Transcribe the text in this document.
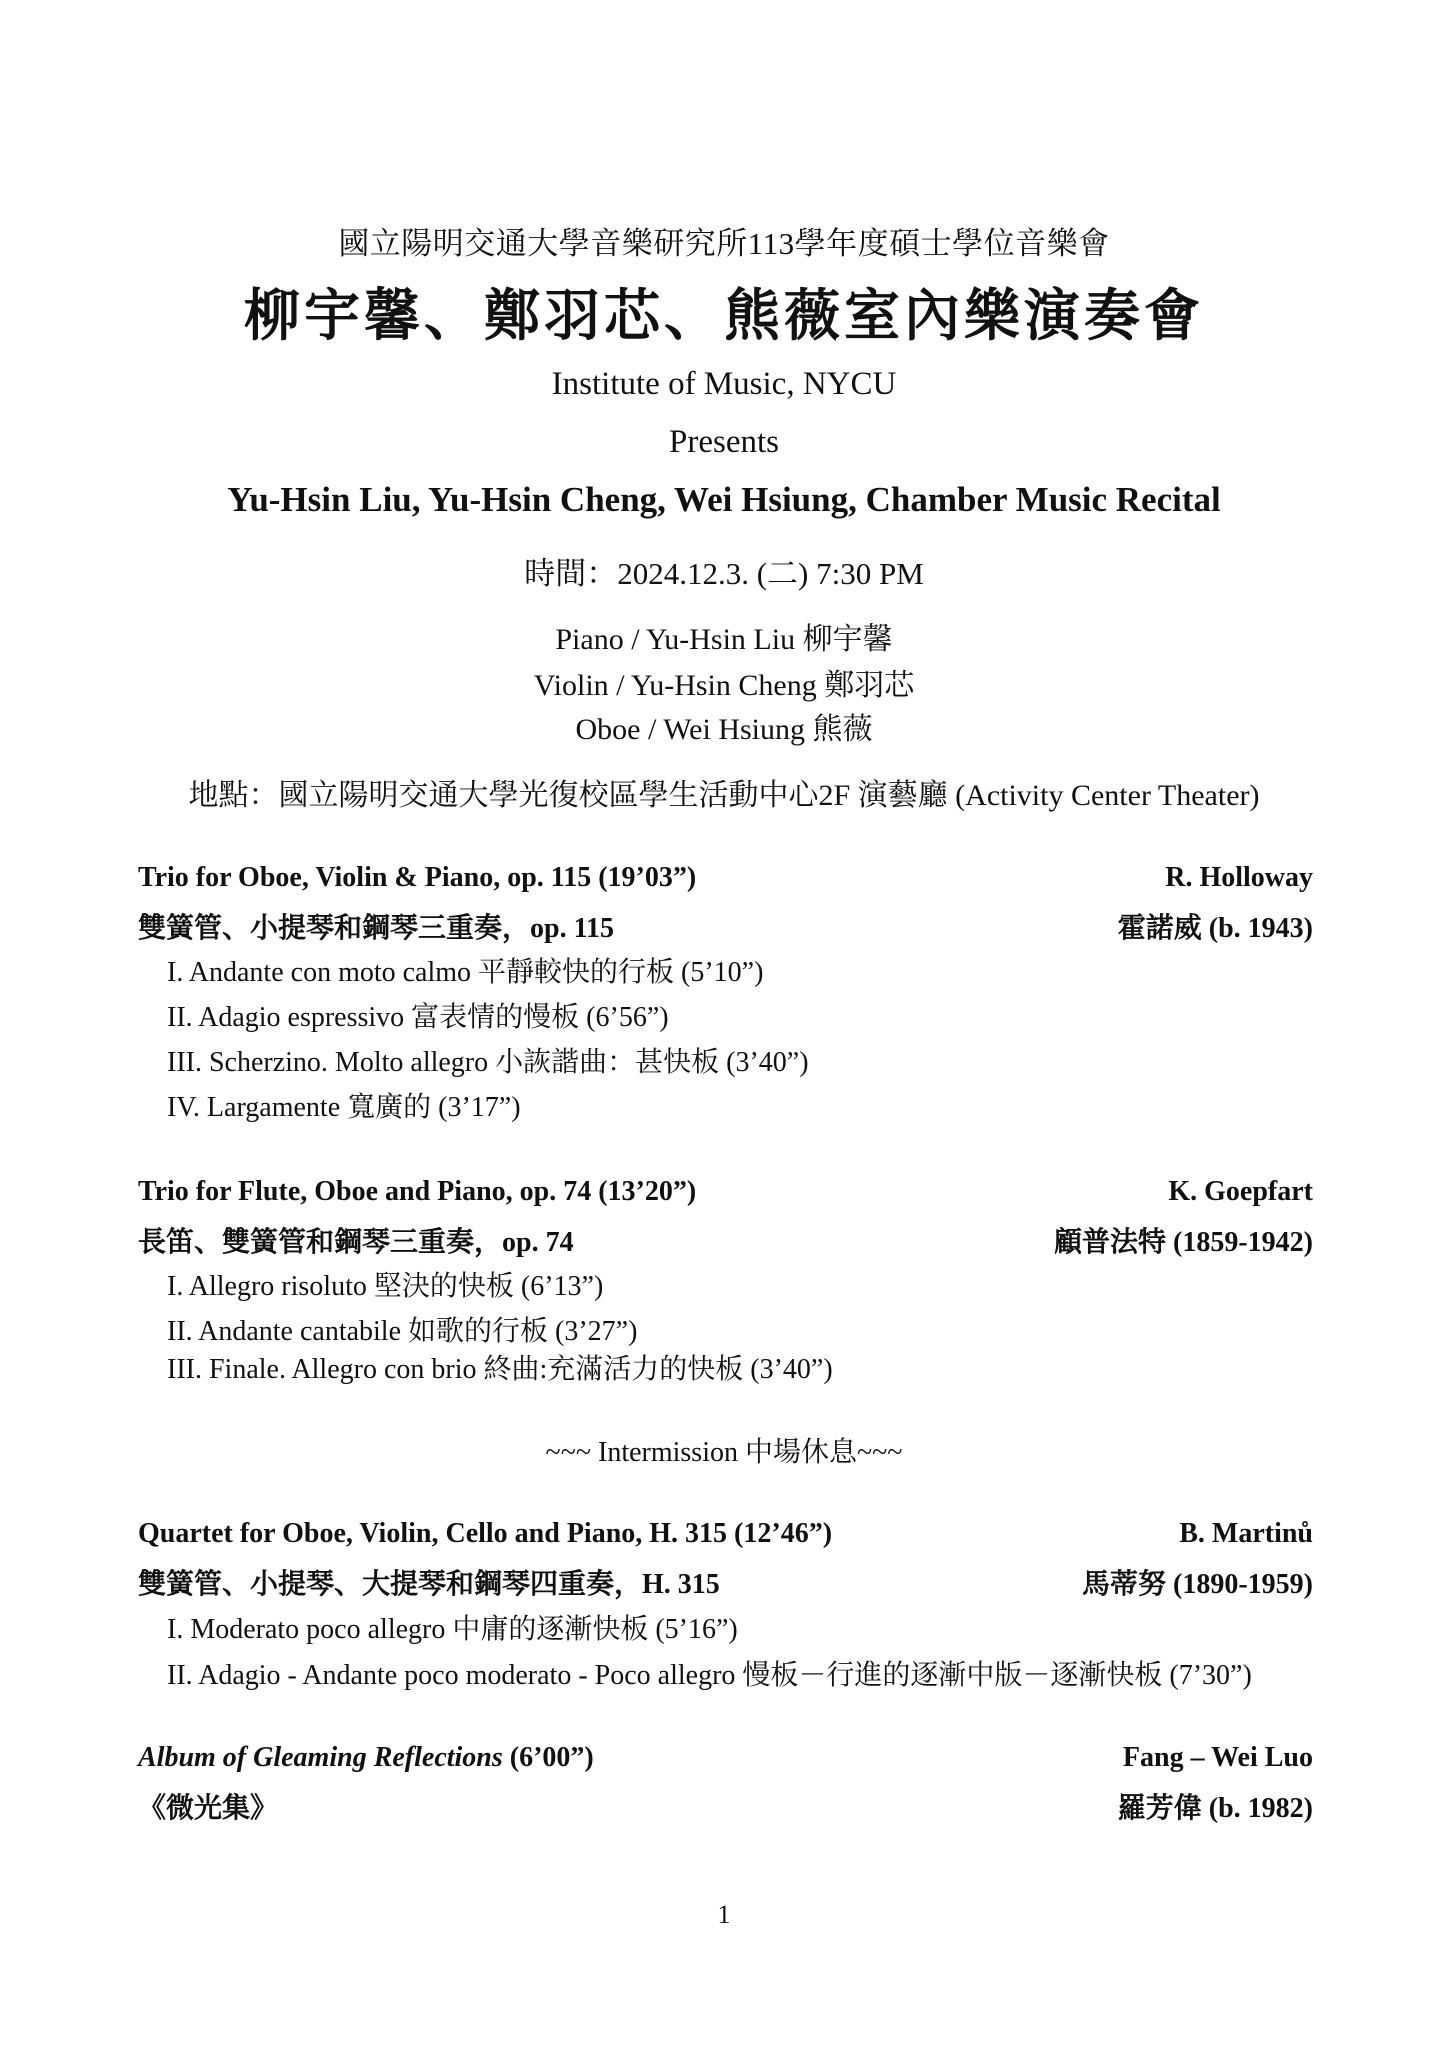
國立陽明交通大學音樂研究所113學年度碩士學位音樂會
柳宇馨、鄭羽芯、熊薇室內樂演奏會
Institute of Music, NYCU
Presents
Yu-Hsin Liu, Yu-Hsin Cheng, Wei Hsiung, Chamber Music Recital
時間：2024.12.3. (二) 7:30 PM
Piano / Yu-Hsin Liu 柳宇馨
Violin / Yu-Hsin Cheng 鄭羽芯
Oboe / Wei Hsiung 熊薇
地點：國立陽明交通大學光復校區學生活動中心2F 演藝廳 (Activity Center Theater)
Trio for Oboe, Violin & Piano, op. 115 (19’03”)	R. Holloway
雙簧管、小提琴和鋼琴三重奏，op. 115	霍諾威 (b. 1943)
I. Andante con moto calmo 平靜較快的行板 (5’10”)
II. Adagio espressivo 富表情的慢板 (6’56”)
III. Scherzino. Molto allegro 小詼諧曲：甚快板 (3’40”)
IV. Largamente 寬廣的 (3’17”)
Trio for Flute, Oboe and Piano, op. 74 (13’20”)	K. Goepfart
長笛、雙簧管和鋼琴三重奏，op. 74	顧普法特 (1859-1942)
I. Allegro risoluto 堅決的快板 (6’13”)
II. Andante cantabile 如歌的行板 (3’27”)
III. Finale. Allegro con brio 終曲:充滿活力的快板 (3’40”)
~~~ Intermission 中場休息~~~
Quartet for Oboe, Violin, Cello and Piano, H. 315 (12’46”)	B. Martinů
雙簧管、小提琴、大提琴和鋼琴四重奏，H. 315	馬蒂努 (1890-1959)
I. Moderato poco allegro 中庸的逐漸快板 (5’16”)
II. Adagio - Andante poco moderato - Poco allegro 慢板－行進的逐漸中版－逐漸快板 (7’30”)
Album of Gleaming Reflections (6’00”)	Fang – Wei Luo
《微光集》	羅芳偉 (b. 1982)
1
